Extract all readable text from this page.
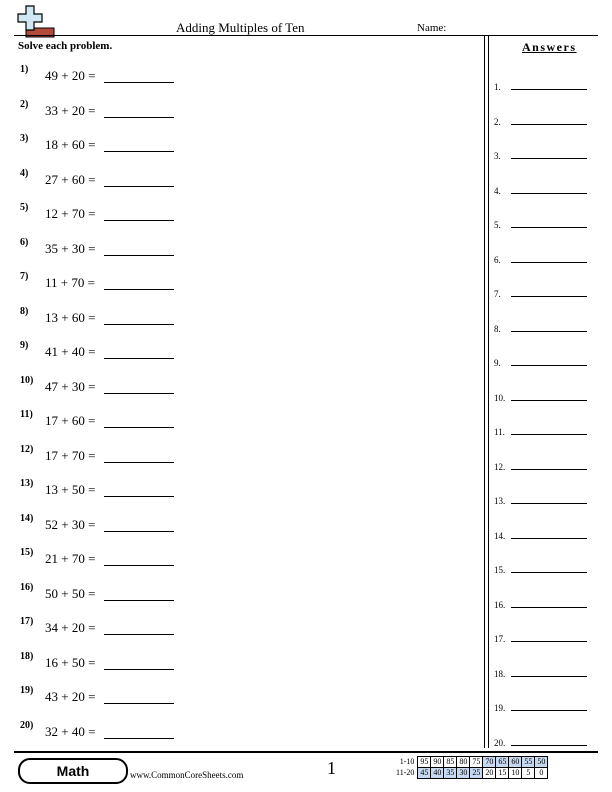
Adding Multiples of Ten	Name:
Solve each problem.	Answers
1) 49 + 20 =
2) 33 + 20 =
3) 18 + 60 =
4) 27 + 60 =
5) 12 + 70 =
6) 35 + 30 =
7) 11 + 70 =
8) 13 + 60 =
9) 41 + 40 =
10) 47 + 30 =
11) 17 + 60 =
12) 17 + 70 =
13) 13 + 50 =
14) 52 + 30 =
15) 21 + 70 =
16) 50 + 50 =
17) 34 + 20 =
18) 16 + 50 =
19) 43 + 20 =
20) 32 + 40 =
1.
2.
3.
4.
5.
6.
7.
8.
9.
10.
11.
12.
13.
14.
15.
16.
17.
18.
19.
20.
Math	www.CommonCoreSheets.com	1	1-10	95	90	85	80	75	70	65	60	55	50
11-20	45	40	35	30	25	20	15	10	5	0
